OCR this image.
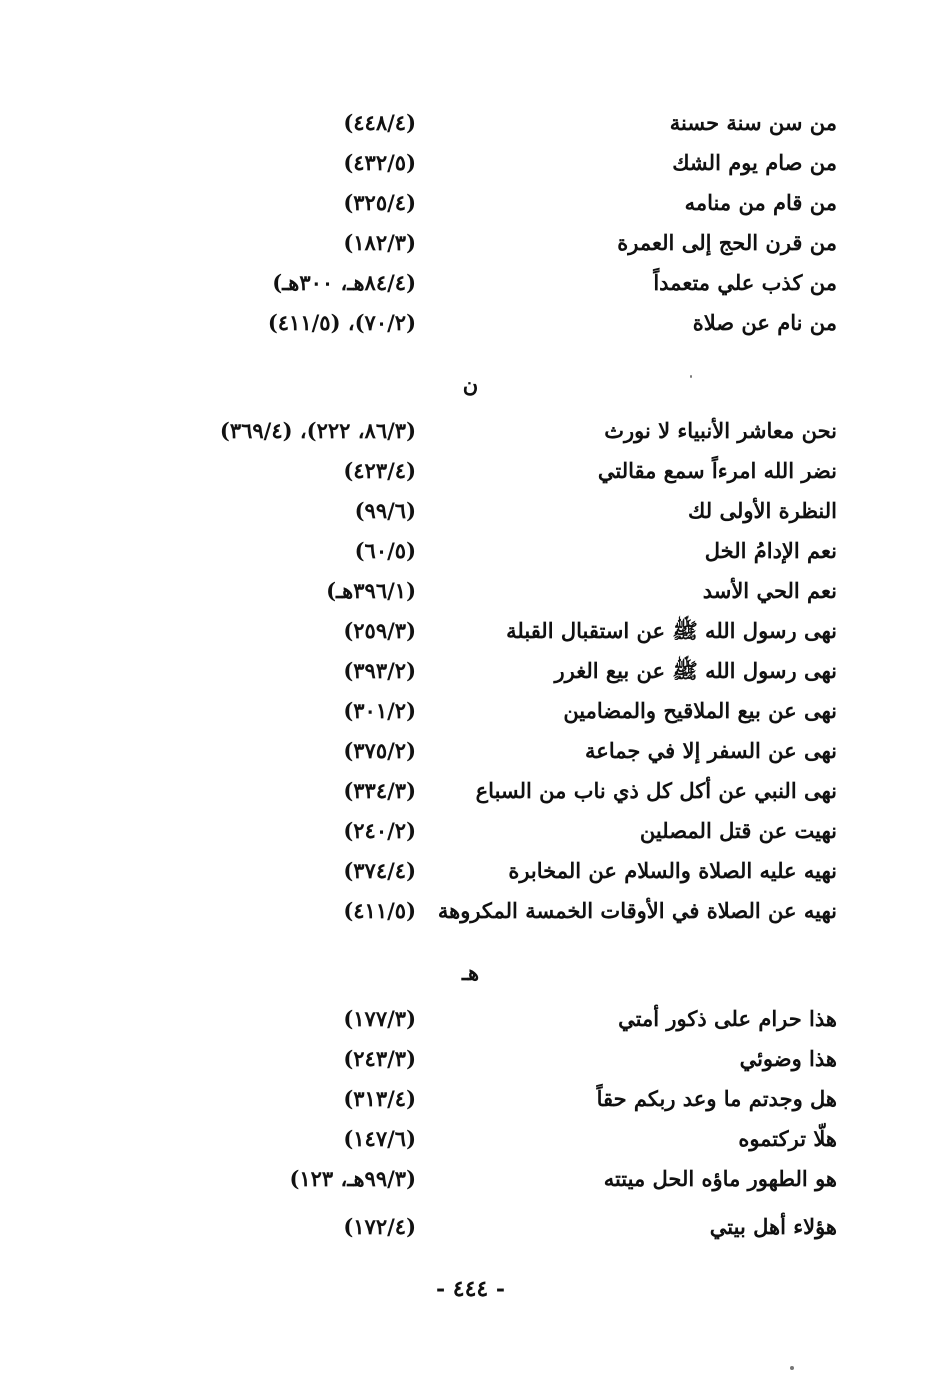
من سن سنة حسنة
(٤٤٨/٤)
من صام يوم الشك
(٤٣٢/٥)
من قام من منامه
(٣٢٥/٤)
من قرن الحج إلى العمرة
(١٨٢/٣)
من كذب علي متعمداً
(٨٤/٤هـ، ٣٠٠هـ)
من نام عن صلاة
(٧٠/٢)، (٤١١/٥)
ن
نحن معاشر الأنبياء لا نورث
(٨٦/٣، ٢٢٢)، (٣٦٩/٤)
نضر الله امرءاً سمع مقالتي
(٤٢٣/٤)
النظرة الأولى لك
(٩٩/٦)
نعم الإدامُ الخل
(٦٠/٥)
نعم الحي الأسد
(٣٩٦/١هـ)
نهى رسول الله ﷺ عن استقبال القبلة
(٢٥٩/٣)
نهى رسول الله ﷺ عن بيع الغرر
(٣٩٣/٢)
نهى عن بيع الملاقيح والمضامين
(٣٠١/٢)
نهى عن السفر إلا في جماعة
(٣٧٥/٢)
نهى النبي عن أكل كل ذي ناب من السباع
(٣٣٤/٣)
نهيت عن قتل المصلين
(٢٤٠/٢)
نهيه عليه الصلاة والسلام عن المخابرة
(٣٧٤/٤)
نهيه عن الصلاة في الأوقات الخمسة المكروهة
(٤١١/٥)
هـ
هذا حرام على ذكور أمتي
(١٧٧/٣)
هذا وضوئي
(٢٤٣/٣)
هل وجدتم ما وعد ربكم حقاً
(٣١٣/٤)
هلّا تركتموه
(١٤٧/٦)
هو الطهور ماؤه الحل ميتته
(٩٩/٣هـ، ١٢٣)
هؤلاء أهل بيتي
(١٧٢/٤)
- ٤٤٤ -
